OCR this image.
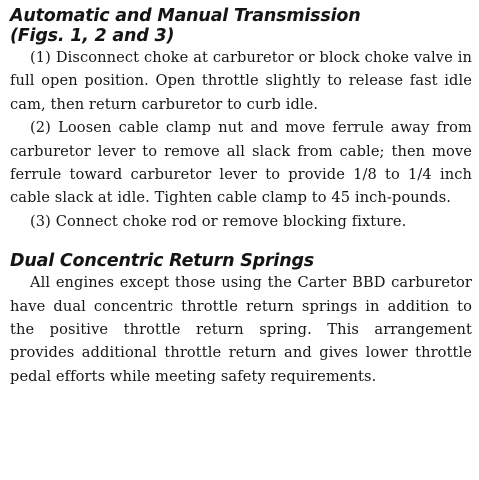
Automatic and Manual Transmission
(Figs. 1, 2 and 3)

(1) Disconnect choke at carburetor or block choke valve in full open position. Open throttle slightly to release fast idle cam, then return carburetor to curb idle.

(2) Loosen cable clamp nut and move ferrule away from carburetor lever to remove all slack from cable; then move ferrule toward carburetor lever to provide 1/8 to 1/4 inch cable slack at idle. Tighten cable clamp to 45 inch-pounds.

(3) Connect choke rod or remove blocking fixture.

Dual Concentric Return Springs

All engines except those using the Carter BBD carburetor have dual concentric throttle return springs in addition to the positive throttle return spring. This arrangement provides additional throttle return and gives lower throttle pedal efforts while meeting safety requirements.
